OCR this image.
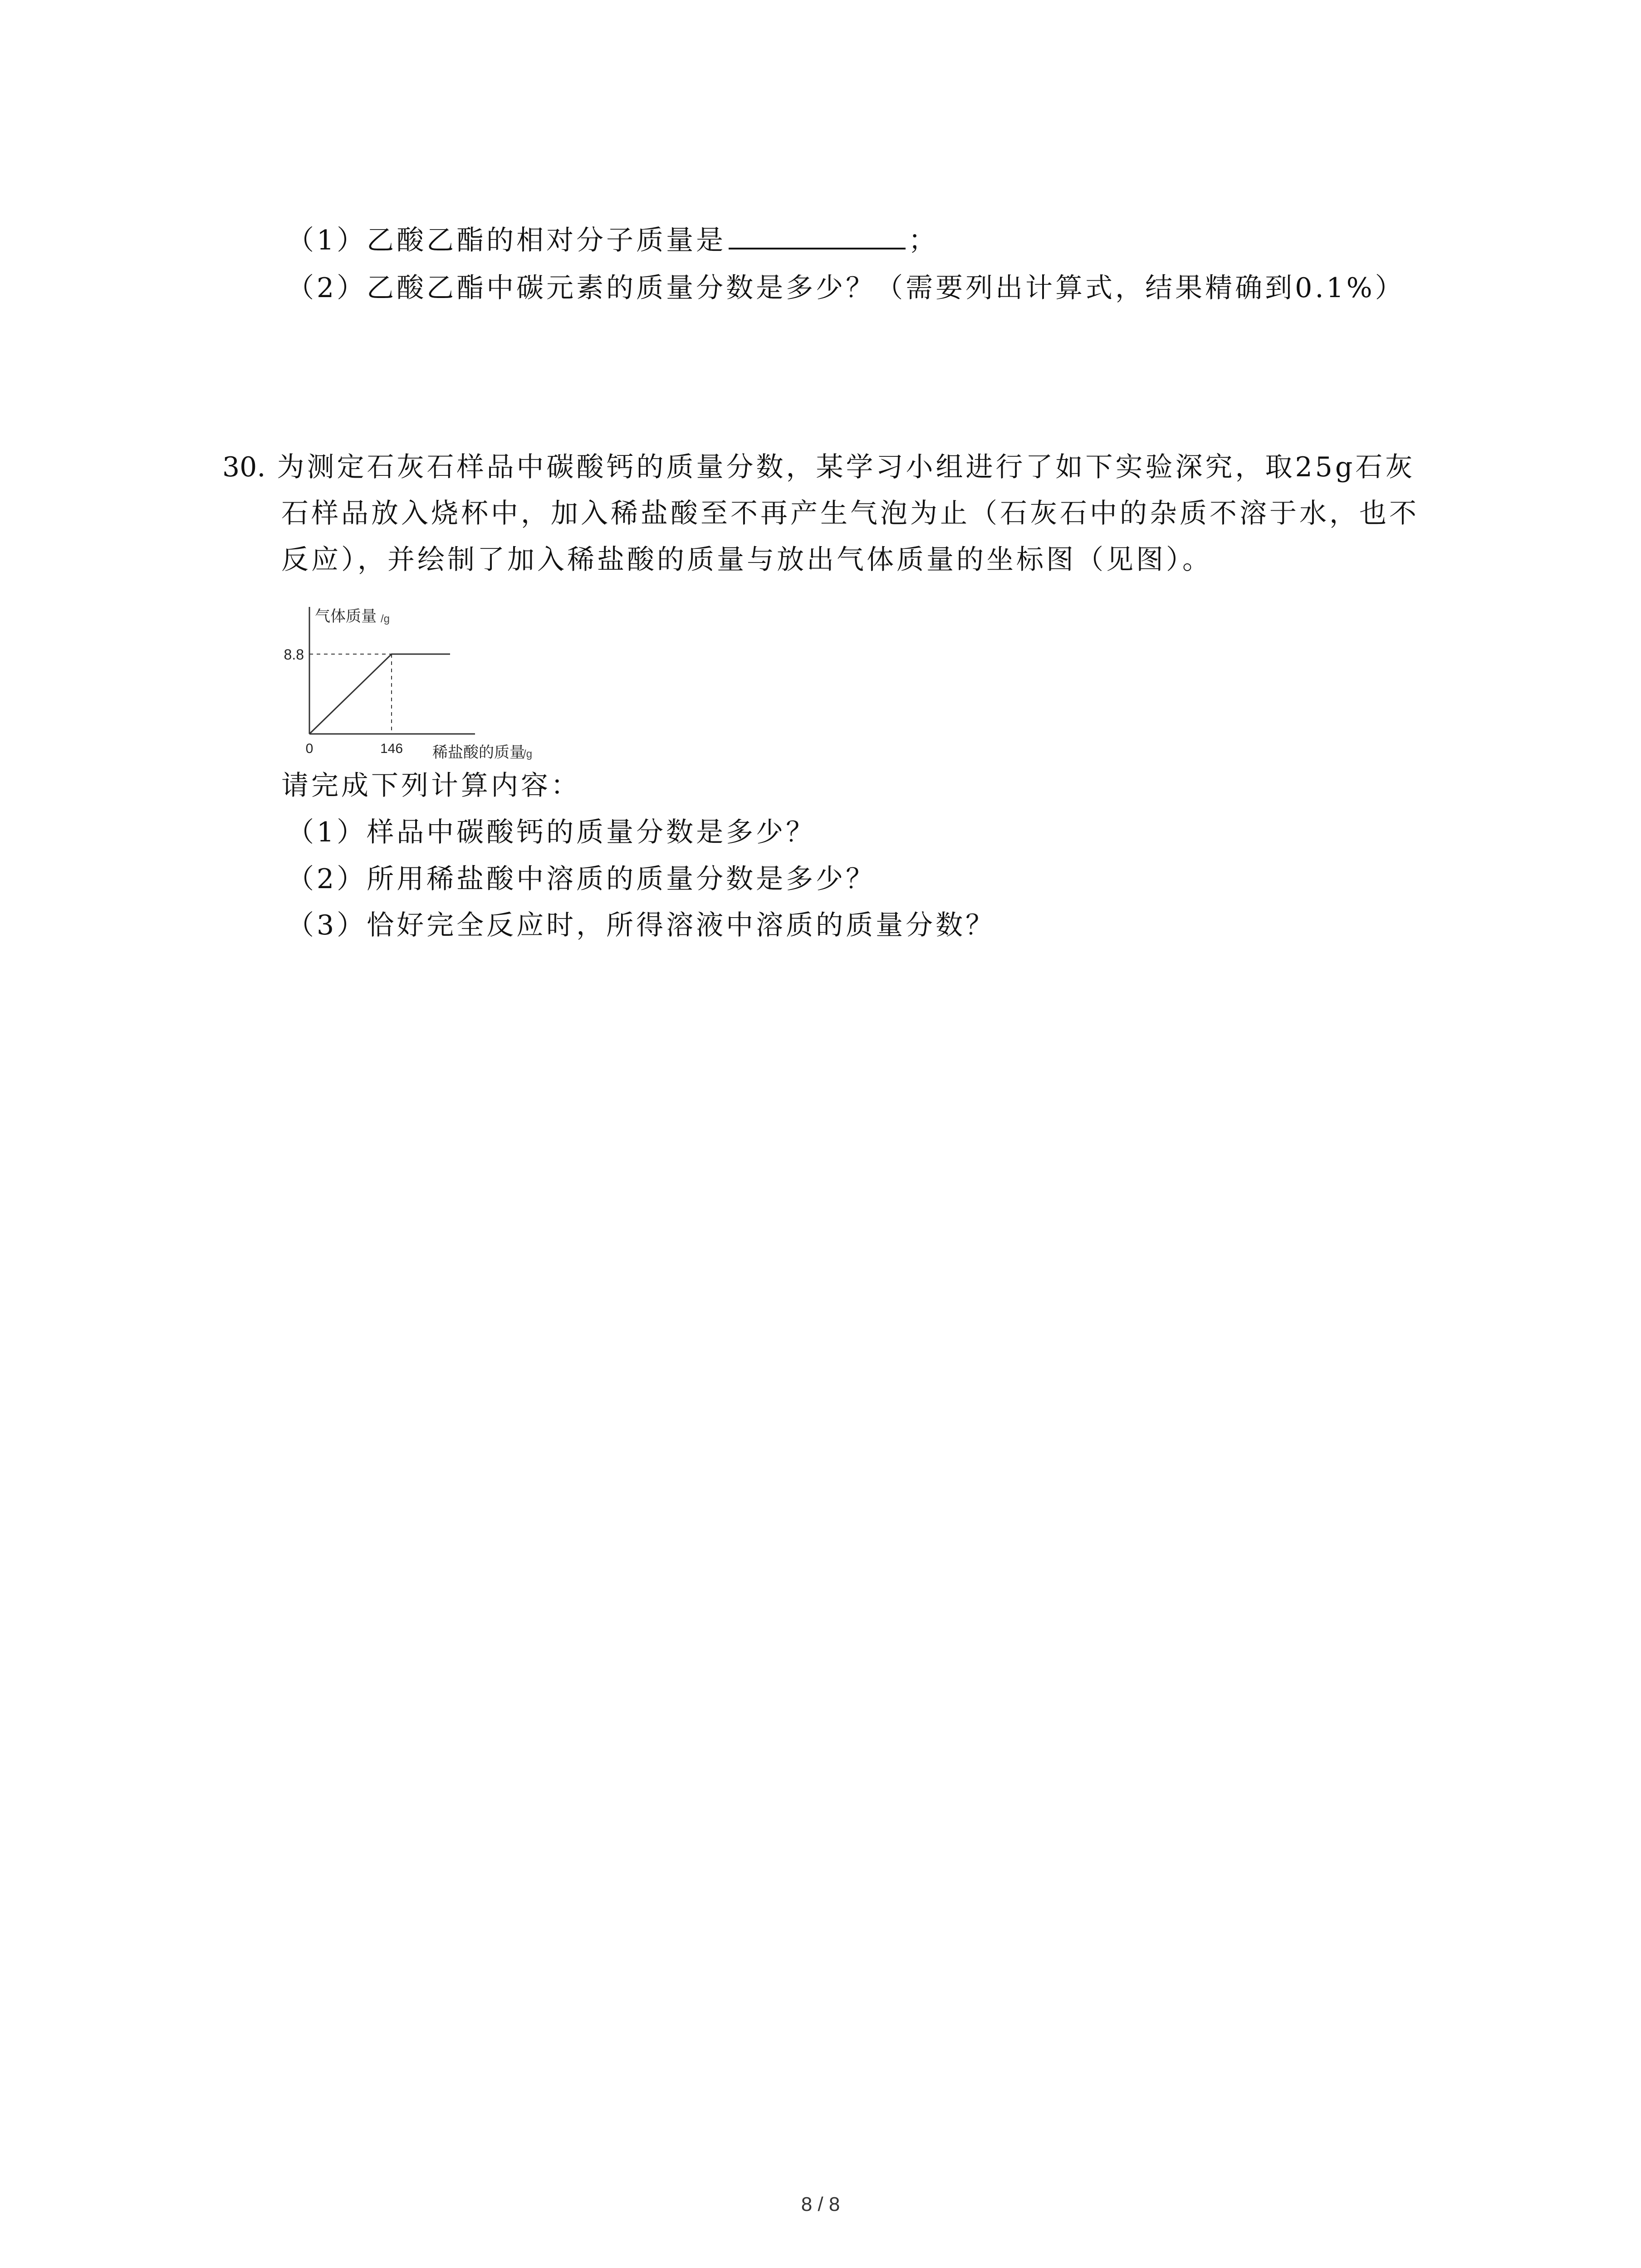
（1）乙酸乙酯的相对分子质量是	；
（2）乙酸乙酯中碳元素的质量分数是多少？（需要列出计算式，结果精确到0.1%）
30. 为测定石灰石样品中碳酸钙的质量分数，某学习小组进行了如下实验深究，取25g石灰
石样品放入烧杯中，加入稀盐酸至不再产生气泡为止（石灰石中的杂质不溶于水，也不
反应），并绘制了加入稀盐酸的质量与放出气体质量的坐标图（见图）。
气体质量 /g
8.8
0	146 稀盐酸的质量
/g
请完成下列计算内容：
（1）样品中碳酸钙的质量分数是多少？
（2）所用稀盐酸中溶质的质量分数是多少？
（3）恰好完全反应时，所得溶液中溶质的质量分数？
8 / 8
